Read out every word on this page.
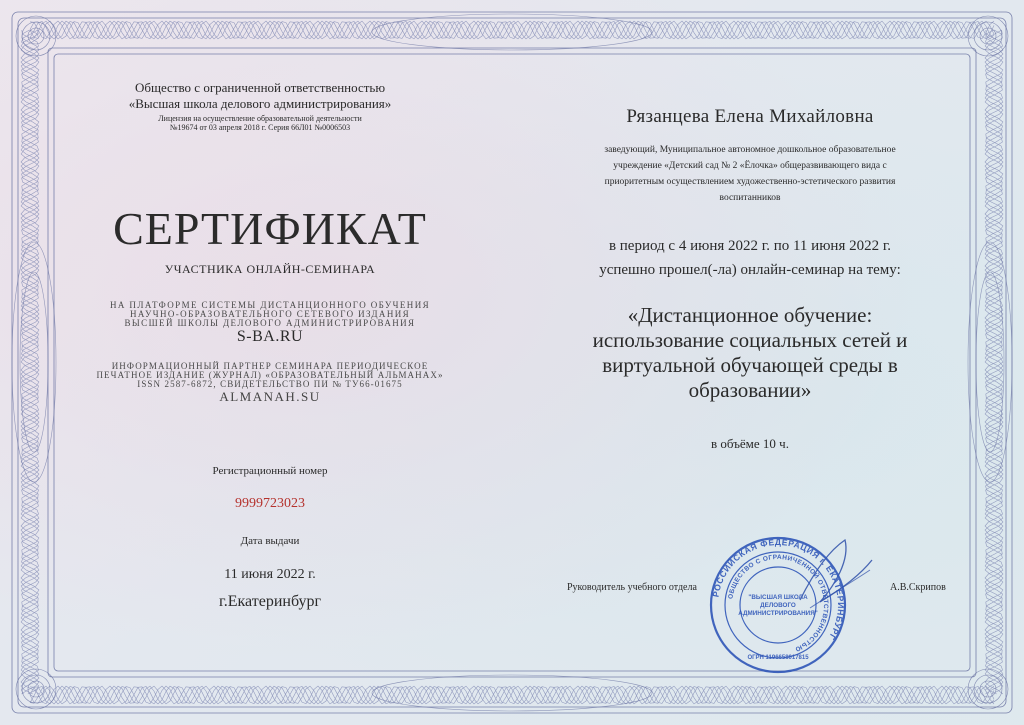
Общество с ограниченной ответственностью
«Высшая школа делового администрирования»
Лицензия на осуществление образовательной деятельности
№19674 от 03 апреля 2018 г. Серия 66Л01 №0006503
СЕРТИФИКАТ
УЧАСТНИКА ОНЛАЙН-СЕМИНАРА
НА ПЛАТФОРМЕ СИСТЕМЫ ДИСТАНЦИОННОГО ОБУЧЕНИЯ
НАУЧНО-ОБРАЗОВАТЕЛЬНОГО СЕТЕВОГО ИЗДАНИЯ
ВЫСШЕЙ ШКОЛЫ ДЕЛОВОГО АДМИНИСТРИРОВАНИЯ
S-BA.RU
ИНФОРМАЦИОННЫЙ ПАРТНЕР СЕМИНАРА ПЕРИОДИЧЕСКОЕ
ПЕЧАТНОЕ ИЗДАНИЕ (ЖУРНАЛ) «ОБРАЗОВАТЕЛЬНЫЙ АЛЬМАНАХ»
ISSN 2587-6872, СВИДЕТЕЛЬСТВО ПИ № ТУ66-01675
ALMANAH.SU
Регистрационный номер
9999723023
Дата выдачи
11 июня 2022 г.
г.Екатеринбург
Рязанцева Елена Михайловна
заведующий, Муниципальное автономное дошкольное образовательное
учреждение «Детский сад № 2 «Ёлочка» общеразвивающего вида с
приоритетным осуществлением художественно-эстетического развития
воспитанников
в период с 4 июня 2022 г. по 11 июня 2022 г.
успешно прошел(-ла) онлайн-семинар на тему:
«Дистанционное обучение:
использование социальных сетей и
виртуальной обучающей среды в
образовании»
в объёме 10 ч.
Руководитель учебного отдела	А.В.Скрипов
РОССИЙСКАЯ ФЕДЕРАЦИЯ г. ЕКАТЕРИНБУРГ
ОБЩЕСТВО С ОГРАНИЧЕННОЙ ОТВЕТСТВЕННОСТЬЮ
"ВЫСШАЯ ШКОЛА
ДЕЛОВОГО
АДМИНИСТРИРОВАНИЯ"
ОГРН 1196658017815
